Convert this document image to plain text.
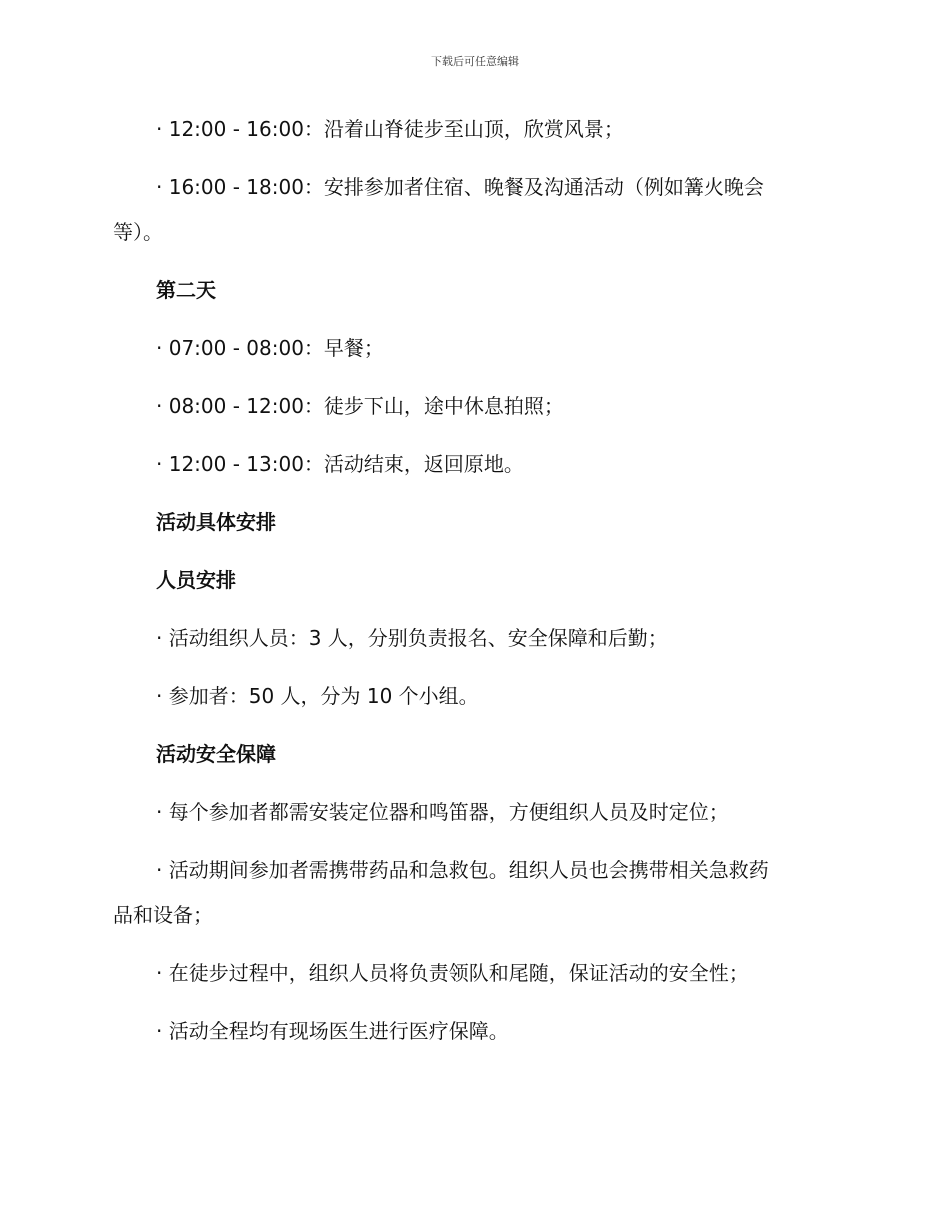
下载后可任意编辑

· 12:00 - 16:00：沿着山脊徒步至山顶，欣赏风景；

· 16:00 - 18:00：安排参加者住宿、晚餐及沟通活动（例如篝火晚会

等）。

第二天

· 07:00 - 08:00：早餐；

· 08:00 - 12:00：徒步下山，途中休息拍照；

· 12:00 - 13:00：活动结束，返回原地。

活动具体安排

人员安排

· 活动组织人员：3 人，分别负责报名、安全保障和后勤；

· 参加者：50 人，分为 10 个小组。

活动安全保障

· 每个参加者都需安装定位器和鸣笛器，方便组织人员及时定位；

· 活动期间参加者需携带药品和急救包。组织人员也会携带相关急救药

品和设备；

· 在徒步过程中，组织人员将负责领队和尾随，保证活动的安全性；

· 活动全程均有现场医生进行医疗保障。
